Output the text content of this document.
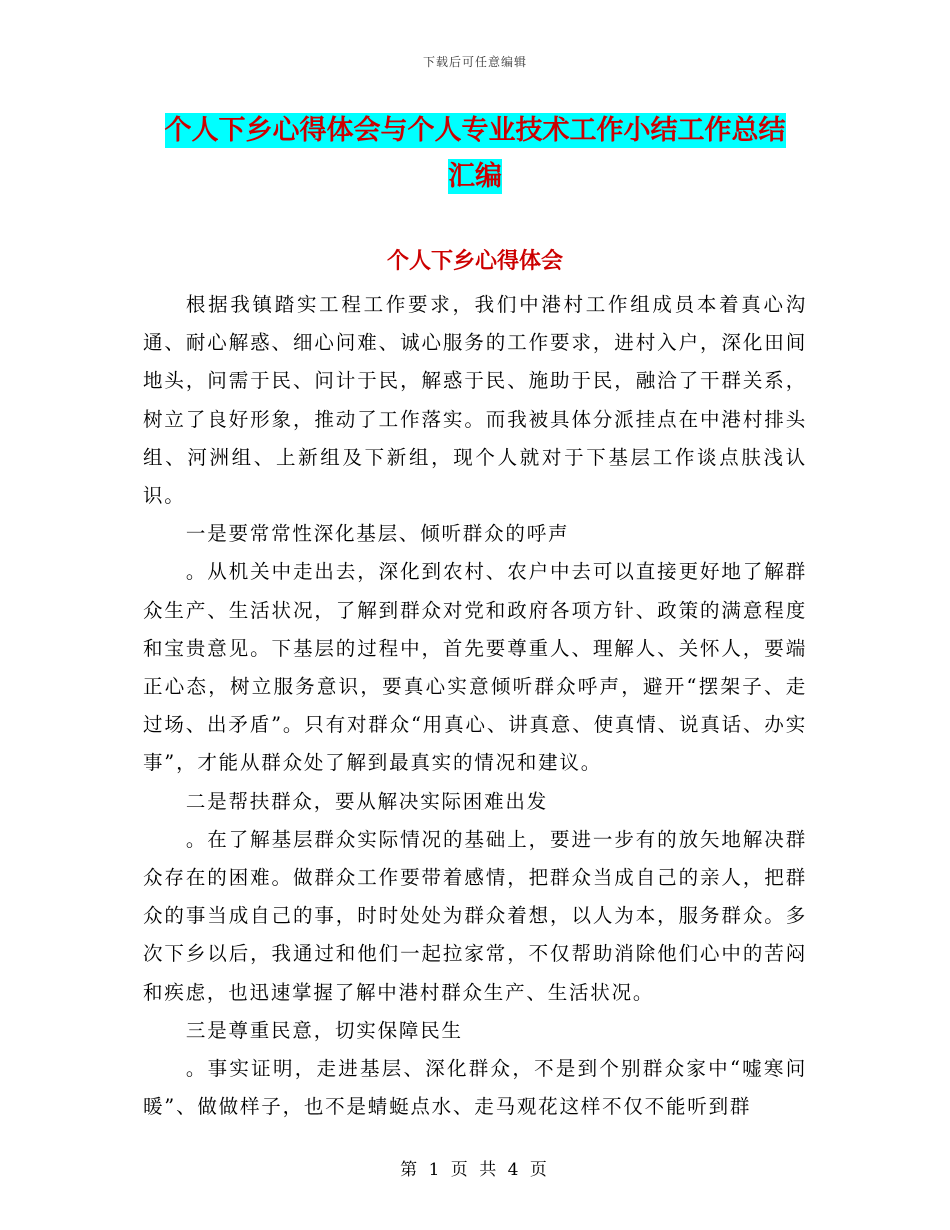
下载后可任意编辑
个人下乡心得体会与个人专业技术工作小结工作总结
汇编
个人下乡心得体会

根据我镇踏实工程工作要求，我们中港村工作组成员本着真心沟通、耐心解惑、细心问难、诚心服务的工作要求，进村入户，深化田间地头，问需于民、问计于民，解惑于民、施助于民，融洽了干群关系，树立了良好形象，推动了工作落实。而我被具体分派挂点在中港村排头组、河洲组、上新组及下新组，现个人就对于下基层工作谈点肤浅认识。

一是要常常性深化基层、倾听群众的呼声

。从机关中走出去，深化到农村、农户中去可以直接更好地了解群众生产、生活状况，了解到群众对党和政府各项方针、政策的满意程度和宝贵意见。下基层的过程中，首先要尊重人、理解人、关怀人，要端正心态，树立服务意识，要真心实意倾听群众呼声，避开“摆架子、走过场、出矛盾”。只有对群众“用真心、讲真意、使真情、说真话、办实事”，才能从群众处了解到最真实的情况和建议。

二是帮扶群众，要从解决实际困难出发

。在了解基层群众实际情况的基础上，要进一步有的放矢地解决群众存在的困难。做群众工作要带着感情，把群众当成自己的亲人，把群众的事当成自己的事，时时处处为群众着想，以人为本，服务群众。多次下乡以后，我通过和他们一起拉家常，不仅帮助消除他们心中的苦闷和疾虑，也迅速掌握了解中港村群众生产、生活状况。

三是尊重民意，切实保障民生

。事实证明，走进基层、深化群众，不是到个别群众家中“嘘寒问暖”、做做样子，也不是蜻蜓点水、走马观花这样不仅不能听到群

第 1 页 共 4 页
